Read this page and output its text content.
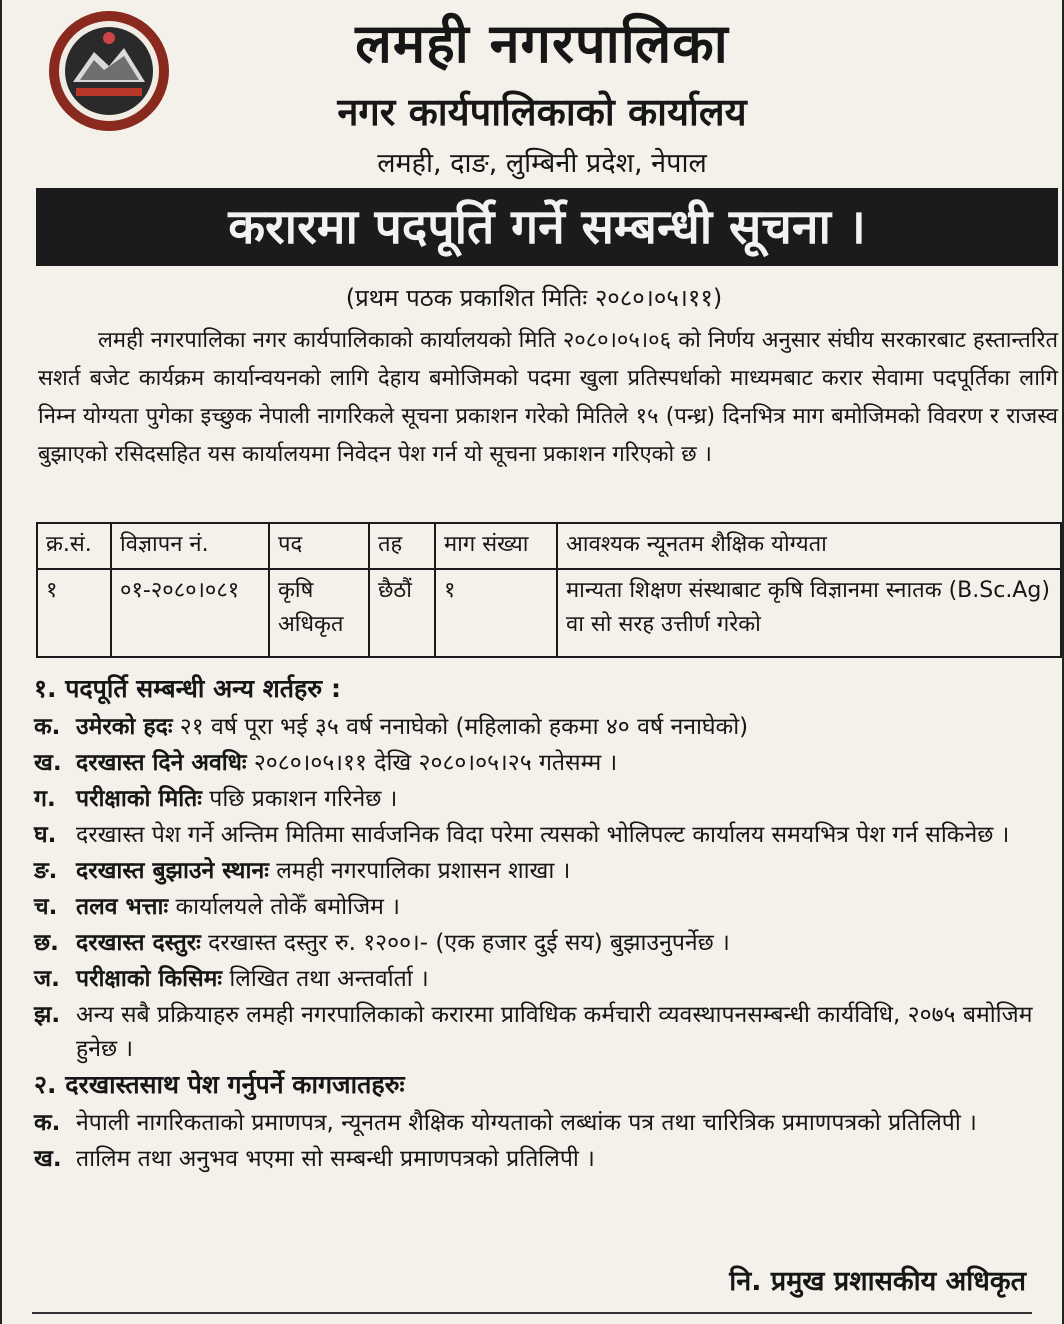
लमही नगरपालिका
नगर कार्यपालिकाको कार्यालय
लमही, दाङ, लुम्बिनी प्रदेश, नेपाल
करारमा पदपूर्ति गर्ने सम्बन्धी सूचना ।
(प्रथम पठक प्रकाशित मितिः २०८०।०५।११)
लमही नगरपालिका नगर कार्यपालिकाको कार्यालयको मिति २०८०।०५।०६ को निर्णय अनुसार संघीय सरकारबाट हस्तान्तरित सशर्त बजेट कार्यक्रम कार्यान्वयनको लागि देहाय बमोजिमको पदमा खुला प्रतिस्पर्धाको माध्यमबाट करार सेवामा पदपूर्तिका लागि निम्न योग्यता पुगेका इच्छुक नेपाली नागरिकले सूचना प्रकाशन गरेको मितिले १५ (पन्ध्र) दिनभित्र माग बमोजिमको विवरण र राजस्व बुझाएको रसिदसहित यस कार्यालयमा निवेदन पेश गर्न यो सूचना प्रकाशन गरिएको छ ।
क्र.सं.	विज्ञापन नं.	पद	तह	माग संख्या	आवश्यक न्यूनतम शैक्षिक योग्यता
१	०१-२०८०।०८१	कृषि अधिकृत	छैठौं	१	मान्यता शिक्षण संस्थाबाट कृषि विज्ञानमा स्नातक (B.Sc.Ag) वा सो सरह उत्तीर्ण गरेको
१. पदपूर्ति सम्बन्धी अन्य शर्तहरु :
क. उमेरको हदः २१ वर्ष पूरा भई ३५ वर्ष ननाघेको (महिलाको हकमा ४० वर्ष ननाघेको)
ख. दरखास्त दिने अवधिः २०८०।०५।११ देखि २०८०।०५।२५ गतेसम्म ।
ग. परीक्षाको मितिः पछि प्रकाशन गरिनेछ ।
घ. दरखास्त पेश गर्ने अन्तिम मितिमा सार्वजनिक विदा परेमा त्यसको भोलिपल्ट कार्यालय समयभित्र पेश गर्न सकिनेछ ।
ङ. दरखास्त बुझाउने स्थानः लमही नगरपालिका प्रशासन शाखा ।
च. तलव भत्ताः कार्यालयले तोकेँ बमोजिम ।
छ. दरखास्त दस्तुरः दरखास्त दस्तुर रु. १२००।- (एक हजार दुई सय) बुझाउनुपर्नेछ ।
ज. परीक्षाको किसिमः लिखित तथा अन्तर्वार्ता ।
झ. अन्य सबै प्रक्रियाहरु लमही नगरपालिकाको करारमा प्राविधिक कर्मचारी व्यवस्थापनसम्बन्धी कार्यविधि, २०७५ बमोजिम हुनेछ ।
२. दरखास्तसाथ पेश गर्नुपर्ने कागजातहरुः
क. नेपाली नागरिकताको प्रमाणपत्र, न्यूनतम शैक्षिक योग्यताको लब्धांक पत्र तथा चारित्रिक प्रमाणपत्रको प्रतिलिपी ।
ख. तालिम तथा अनुभव भएमा सो सम्बन्धी प्रमाणपत्रको प्रतिलिपी ।
नि. प्रमुख प्रशासकीय अधिकृत
